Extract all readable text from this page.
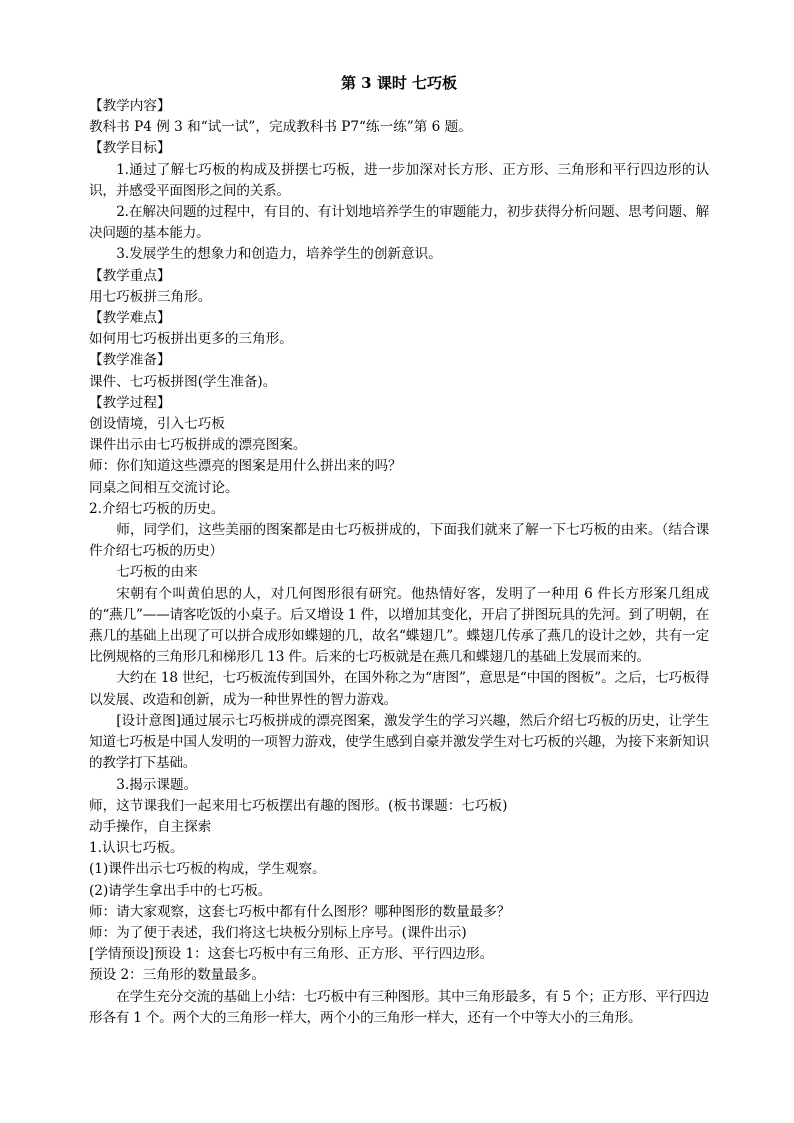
第 3 课时 七巧板

【教学内容】

教科书 P4 例 3 和“试一试”，完成教科书 P7“练一练”第 6 题。

【教学目标】

1.通过了解七巧板的构成及拼摆七巧板，进一步加深对长方形、正方形、三角形和平行四边形的认识，并感受平面图形之间的关系。

2.在解决问题的过程中，有目的、有计划地培养学生的审题能力，初步获得分析问题、思考问题、解决问题的基本能力。

3.发展学生的想象力和创造力，培养学生的创新意识。

【教学重点】

用七巧板拼三角形。

【教学难点】

如何用七巧板拼出更多的三角形。

【教学准备】

课件、七巧板拼图(学生准备)。

【教学过程】

创设情境，引入七巧板

课件出示由七巧板拼成的漂亮图案。

师：你们知道这些漂亮的图案是用什么拼出来的吗？

同桌之间相互交流讨论。

2.介绍七巧板的历史。

师，同学们，这些美丽的图案都是由七巧板拼成的，下面我们就来了解一下七巧板的由来。（结合课件介绍七巧板的历史）

七巧板的由来

宋朝有个叫黄伯思的人，对几何图形很有研究。他热情好客，发明了一种用 6 件长方形案几组成的“燕几”——请客吃饭的小桌子。后又增设 1 件，以增加其变化，开启了拼图玩具的先河。到了明朝，在燕几的基础上出现了可以拼合成形如蝶翅的几，故名“蝶翅几”。蝶翅几传承了燕几的设计之妙，共有一定比例规格的三角形几和梯形几 13 件。后来的七巧板就是在燕几和蝶翅几的基础上发展而来的。

大约在 18 世纪，七巧板流传到国外，在国外称之为“唐图”，意思是“中国的图板”。之后，七巧板得以发展、改造和创新，成为一种世界性的智力游戏。

[设计意图]通过展示七巧板拼成的漂亮图案，激发学生的学习兴趣，然后介绍七巧板的历史，让学生知道七巧板是中国人发明的一项智力游戏，使学生感到自豪并激发学生对七巧板的兴趣，为接下来新知识的教学打下基础。

3.揭示课题。

师，这节课我们一起来用七巧板摆出有趣的图形。(板书课题：七巧板)

动手操作，自主探索

1.认识七巧板。

(1)课件出示七巧板的构成，学生观察。

(2)请学生拿出手中的七巧板。

师：请大家观察，这套七巧板中都有什么图形？哪种图形的数量最多？

师：为了便于表述，我们将这七块板分别标上序号。(课件出示)

[学情预设]预设 1：这套七巧板中有三角形、正方形、平行四边形。

预设 2：三角形的数量最多。

在学生充分交流的基础上小结：七巧板中有三种图形。其中三角形最多，有 5 个；正方形、平行四边形各有 1 个。两个大的三角形一样大，两个小的三角形一样大，还有一个中等大小的三角形。
